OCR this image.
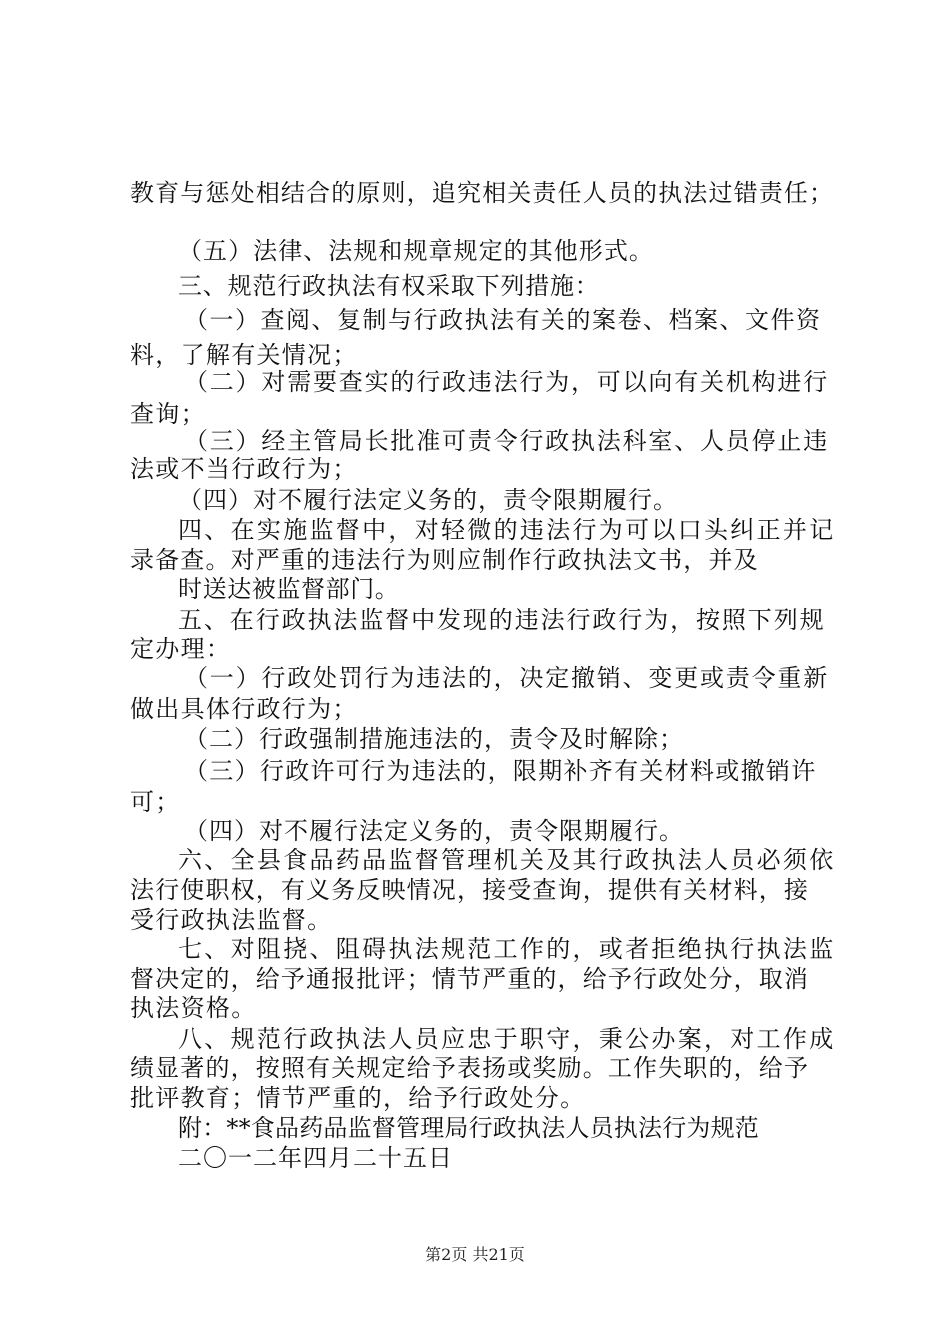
教育与惩处相结合的原则，追究相关责任人员的执法过错责任；
（五）法律、法规和规章规定的其他形式。
三、规范行政执法有权采取下列措施：
（一）查阅、复制与行政执法有关的案卷、档案、文件资
料，了解有关情况；
（二）对需要查实的行政违法行为，可以向有关机构进行
查询；
（三）经主管局长批准可责令行政执法科室、人员停止违
法或不当行政行为；
（四）对不履行法定义务的，责令限期履行。
四、在实施监督中，对轻微的违法行为可以口头纠正并记
录备查。对严重的违法行为则应制作行政执法文书，并及
时送达被监督部门。
五、在行政执法监督中发现的违法行政行为，按照下列规
定办理：
（一）行政处罚行为违法的，决定撤销、变更或责令重新
做出具体行政行为；
（二）行政强制措施违法的，责令及时解除；
（三）行政许可行为违法的，限期补齐有关材料或撤销许
可；
（四）对不履行法定义务的，责令限期履行。
六、全县食品药品监督管理机关及其行政执法人员必须依
法行使职权，有义务反映情况，接受查询，提供有关材料，接
受行政执法监督。
七、对阻挠、阻碍执法规范工作的，或者拒绝执行执法监
督决定的，给予通报批评；情节严重的，给予行政处分，取消
执法资格。
八、规范行政执法人员应忠于职守，秉公办案，对工作成
绩显著的，按照有关规定给予表扬或奖励。工作失职的，给予
批评教育；情节严重的，给予行政处分。
附：**食品药品监督管理局行政执法人员执法行为规范
二〇一二年四月二十五日
第2页 共21页
